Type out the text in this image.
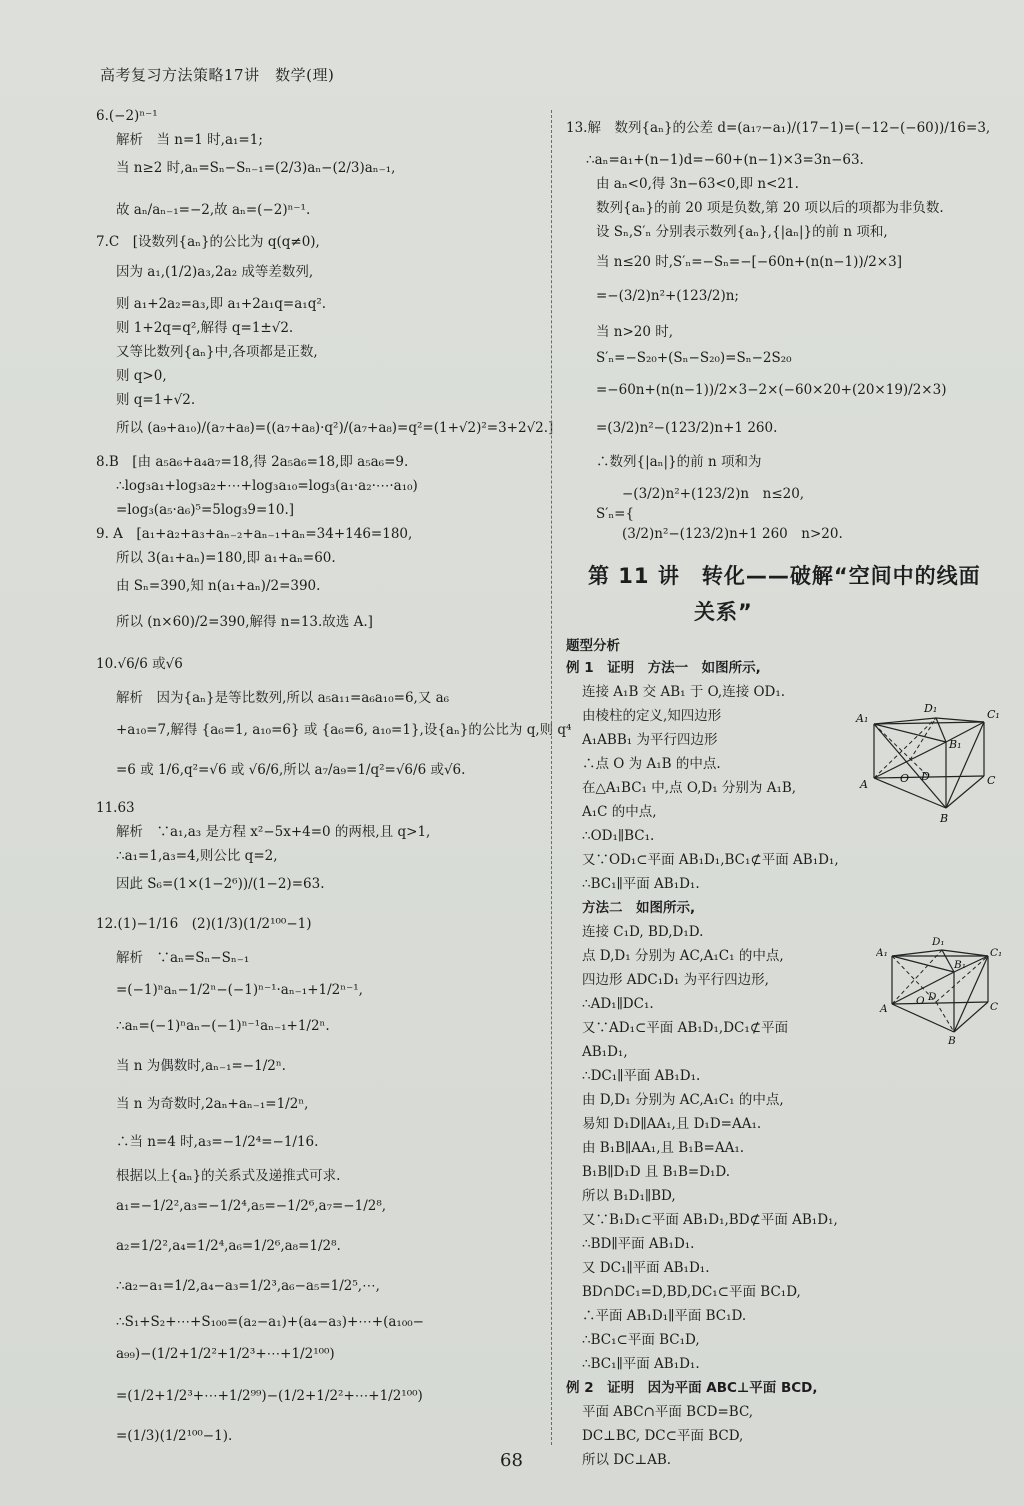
高考复习方法策略17讲　数学(理)
6.(−2)ⁿ⁻¹
解析　当 n=1 时,a₁=1;
当 n≥2 时,aₙ=Sₙ−Sₙ₋₁=(2/3)aₙ−(2/3)aₙ₋₁,
故 aₙ/aₙ₋₁=−2,故 aₙ=(−2)ⁿ⁻¹.
7.C　[设数列{aₙ}的公比为 q(q≠0),
因为 a₁,(1/2)a₃,2a₂ 成等差数列,
则 a₁+2a₂=a₃,即 a₁+2a₁q=a₁q².
则 1+2q=q²,解得 q=1±√2.
又等比数列{aₙ}中,各项都是正数,
则 q>0,
则 q=1+√2.
所以 (a₉+a₁₀)/(a₇+a₈)=((a₇+a₈)·q²)/(a₇+a₈)=q²=(1+√2)²=3+2√2.]
8.B　[由 a₅a₆+a₄a₇=18,得 2a₅a₆=18,即 a₅a₆=9.
∴log₃a₁+log₃a₂+⋯+log₃a₁₀=log₃(a₁·a₂·⋯·a₁₀)
=log₃(a₅·a₆)⁵=5log₃9=10.]
9. A　[a₁+a₂+a₃+aₙ₋₂+aₙ₋₁+aₙ=34+146=180,
所以 3(a₁+aₙ)=180,即 a₁+aₙ=60.
由 Sₙ=390,知 n(a₁+aₙ)/2=390.
所以 (n×60)/2=390,解得 n=13.故选 A.]
10.√6/6 或√6
解析　因为{aₙ}是等比数列,所以 a₅a₁₁=a₆a₁₀=6,又 a₆
+a₁₀=7,解得 {a₆=1, a₁₀=6} 或 {a₆=6, a₁₀=1},设{aₙ}的公比为 q,则 q⁴
=6 或 1/6,q²=√6 或 √6/6,所以 a₇/a₉=1/q²=√6/6 或√6.
11.63
解析　∵a₁,a₃ 是方程 x²−5x+4=0 的两根,且 q>1,
∴a₁=1,a₃=4,则公比 q=2,
因此 S₆=(1×(1−2⁶))/(1−2)=63.
12.(1)−1/16　(2)(1/3)(1/2¹⁰⁰−1)
解析　∵aₙ=Sₙ−Sₙ₋₁
=(−1)ⁿaₙ−1/2ⁿ−(−1)ⁿ⁻¹·aₙ₋₁+1/2ⁿ⁻¹,
∴aₙ=(−1)ⁿaₙ−(−1)ⁿ⁻¹aₙ₋₁+1/2ⁿ.
当 n 为偶数时,aₙ₋₁=−1/2ⁿ.
当 n 为奇数时,2aₙ+aₙ₋₁=1/2ⁿ,
∴当 n=4 时,a₃=−1/2⁴=−1/16.
根据以上{aₙ}的关系式及递推式可求.
a₁=−1/2²,a₃=−1/2⁴,a₅=−1/2⁶,a₇=−1/2⁸,
a₂=1/2²,a₄=1/2⁴,a₆=1/2⁶,a₈=1/2⁸.
∴a₂−a₁=1/2,a₄−a₃=1/2³,a₆−a₅=1/2⁵,⋯,
∴S₁+S₂+⋯+S₁₀₀=(a₂−a₁)+(a₄−a₃)+⋯+(a₁₀₀−
a₉₉)−(1/2+1/2²+1/2³+⋯+1/2¹⁰⁰)
=(1/2+1/2³+⋯+1/2⁹⁹)−(1/2+1/2²+⋯+1/2¹⁰⁰)
=(1/3)(1/2¹⁰⁰−1).
第 11 讲　转化——破解“空间中的线面
关系”
A₁
D₁	C₁
B₁
A	O D	C
B
A₁
D₁
C₁
B₁
A
O D
C
B
13.解　数列{aₙ}的公差 d=(a₁₇−a₁)/(17−1)=(−12−(−60))/16=3,
∴aₙ=a₁+(n−1)d=−60+(n−1)×3=3n−63.
由 aₙ<0,得 3n−63<0,即 n<21.
数列{aₙ}的前 20 项是负数,第 20 项以后的项都为非负数.
设 Sₙ,S′ₙ 分别表示数列{aₙ},{|aₙ|}的前 n 项和,
当 n≤20 时,S′ₙ=−Sₙ=−[−60n+(n(n−1))/2×3]
=−(3/2)n²+(123/2)n;
当 n>20 时,
S′ₙ=−S₂₀+(Sₙ−S₂₀)=Sₙ−2S₂₀
=−60n+(n(n−1))/2×3−2×(−60×20+(20×19)/2×3)
=(3/2)n²−(123/2)n+1 260.
∴数列{|aₙ|}的前 n 项和为
−(3/2)n²+(123/2)n　n≤20,
S′ₙ={
(3/2)n²−(123/2)n+1 260　n>20.
题型分析
例 1　证明　方法一　如图所示,
连接 A₁B 交 AB₁ 于 O,连接 OD₁.
由棱柱的定义,知四边形
A₁ABB₁ 为平行四边形
∴点 O 为 A₁B 的中点.
在△A₁BC₁ 中,点 O,D₁ 分别为 A₁B,
A₁C 的中点,
∴OD₁∥BC₁.
又∵OD₁⊂平面 AB₁D₁,BC₁⊄平面 AB₁D₁,
∴BC₁∥平面 AB₁D₁.
方法二　如图所示,
连接 C₁D, BD,D₁D.
点 D,D₁ 分别为 AC,A₁C₁ 的中点,
四边形 ADC₁D₁ 为平行四边形,
∴AD₁∥DC₁.
又∵AD₁⊂平面 AB₁D₁,DC₁⊄平面
AB₁D₁,
∴DC₁∥平面 AB₁D₁.
由 D,D₁ 分别为 AC,A₁C₁ 的中点,
易知 D₁D∥AA₁,且 D₁D=AA₁.
由 B₁B∥AA₁,且 B₁B=AA₁.
B₁B∥D₁D 且 B₁B=D₁D.
所以 B₁D₁∥BD,
又∵B₁D₁⊂平面 AB₁D₁,BD⊄平面 AB₁D₁,
∴BD∥平面 AB₁D₁.
又 DC₁∥平面 AB₁D₁.
BD∩DC₁=D,BD,DC₁⊂平面 BC₁D,
∴平面 AB₁D₁∥平面 BC₁D.
∴BC₁⊂平面 BC₁D,
∴BC₁∥平面 AB₁D₁.
例 2　证明　因为平面 ABC⊥平面 BCD,
平面 ABC∩平面 BCD=BC,
DC⊥BC, DC⊂平面 BCD,
所以 DC⊥AB.
68
